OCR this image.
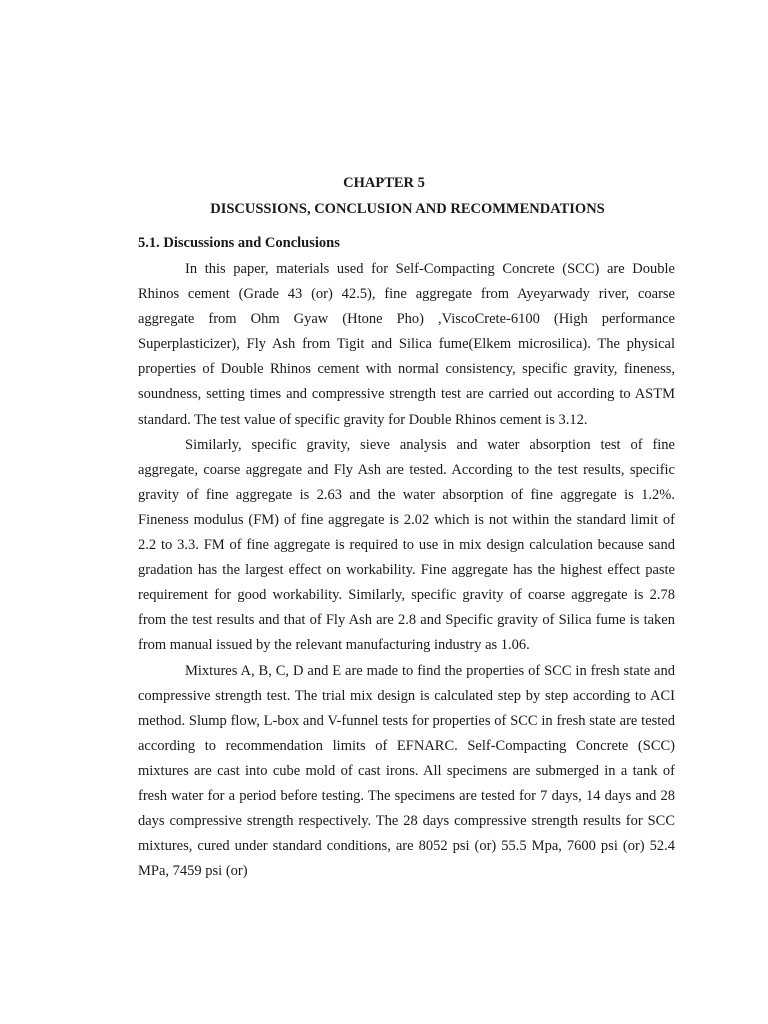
CHAPTER 5
DISCUSSIONS, CONCLUSION AND RECOMMENDATIONS
5.1. Discussions and Conclusions

In this paper, materials used for Self-Compacting Concrete (SCC) are Double Rhinos cement (Grade 43 (or) 42.5), fine aggregate from Ayeyarwady river, coarse aggregate from Ohm Gyaw (Htone Pho) ,ViscoCrete-6100 (High performance Superplasticizer), Fly Ash from Tigit and Silica fume(Elkem microsilica). The physical properties of Double Rhinos cement with normal consistency, specific gravity, fineness, soundness, setting times and compressive strength test are carried out according to ASTM standard. The test value of specific gravity for Double Rhinos cement is 3.12.

Similarly, specific gravity, sieve analysis and water absorption test of fine aggregate, coarse aggregate and Fly Ash are tested. According to the test results, specific gravity of fine aggregate is 2.63 and the water absorption of fine aggregate is 1.2%. Fineness modulus (FM) of fine aggregate is 2.02 which is not within the standard limit of 2.2 to 3.3. FM of fine aggregate is required to use in mix design calculation because sand gradation has the largest effect on workability. Fine aggregate has the highest effect paste requirement for good workability. Similarly, specific gravity of coarse aggregate is 2.78 from the test results and that of Fly Ash are 2.8 and Specific gravity of Silica fume is taken from manual issued by the relevant manufacturing industry as 1.06.

Mixtures A, B, C, D and E are made to find the properties of SCC in fresh state and compressive strength test. The trial mix design is calculated step by step according to ACI method. Slump flow, L-box and V-funnel tests for properties of SCC in fresh state are tested according to recommendation limits of EFNARC. Self-Compacting Concrete (SCC) mixtures are cast into cube mold of cast irons. All specimens are submerged in a tank of fresh water for a period before testing. The specimens are tested for 7 days, 14 days and 28 days compressive strength respectively. The 28 days compressive strength results for SCC mixtures, cured under standard conditions, are 8052 psi (or) 55.5 Mpa, 7600 psi (or) 52.4 MPa, 7459 psi (or)
